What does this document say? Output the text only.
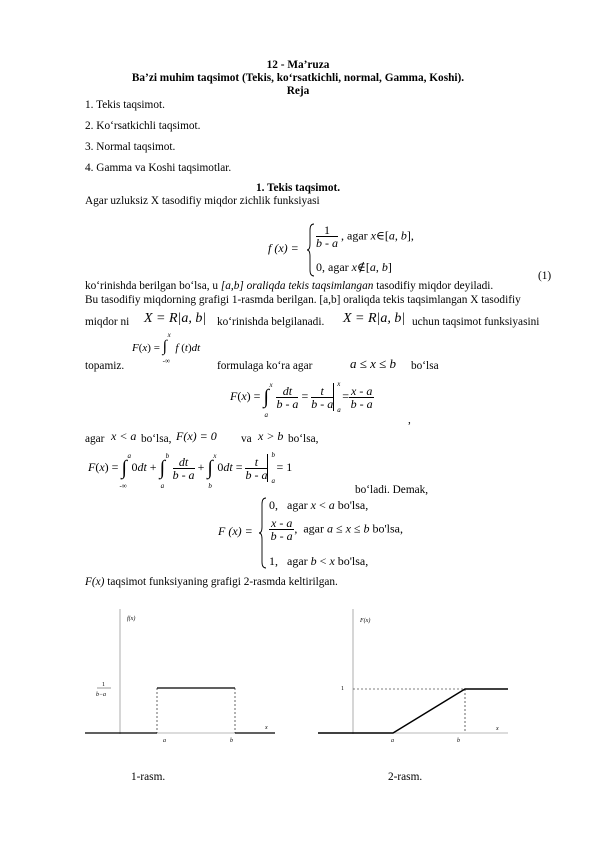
12 - Ma’ruza
Ba’zi muhim taqsimot (Tekis, ko‘rsatkichli, normal, Gamma, Koshi).
Reja
1. Tekis taqsimot.
2. Ko‘rsatkichli taqsimot.
3. Normal taqsimot.
4. Gamma va Koshi taqsimotlar.
1. Tekis taqsimot.
Agar uzluksiz X tasodifiy miqdor zichlik funksiyasi
f $(x) = \frac{1}{b - a}$ , agar x∈[a, b],
0, agar x∉[a, b]
(1)
ko‘rinishda berilgan bo‘lsa, u [a,b] oraliqda tekis taqsimlangan tasodifiy miqdor deyiladi.
Bu tasodifiy miqdorning grafigi 1-rasmda berilgan. [a,b] oraliqda tekis taqsimlangan X tasodifiy
miqdor ni X = R|a, b| ko‘rinishda belgilanadi. X = R|a, b| uchun taqsimot funksiyasini
F(x) = ∫
x
-∞
f (t)dt
topamiz.	formulaga ko‘ra agar	a ≤ x ≤ b bo‘lsa
F(x) = ∫
x
a

$\frac{dt}{b - a} = \frac{t}{b - a}$
x
a
= $\frac{x - a}{b - a}$
,
agar x < a bo‘lsa, F(x) = 0 va x > b bo‘lsa,
F(x) = ∫
a
-∞
0dt + ∫
b
a

$\frac{dt}{b - a}$ + ∫
x
b
$0dt = \frac{t}{b - a}$
b
a
= 1
bo‘ladi. Demak,
F (x) =
0,   agar x < a bo'lsa,
$\frac{x - a}{b - a}$ ,  agar a ≤ x ≤ b bo'lsa,
1,   agar b < x bo'lsa,
F(x) taqsimot funksiyaning grafigi 2-rasmda keltirilgan.
f(x)
x
1
b−a
a	b
1-rasm.
F(x)
x
1
a	b
2-rasm.
